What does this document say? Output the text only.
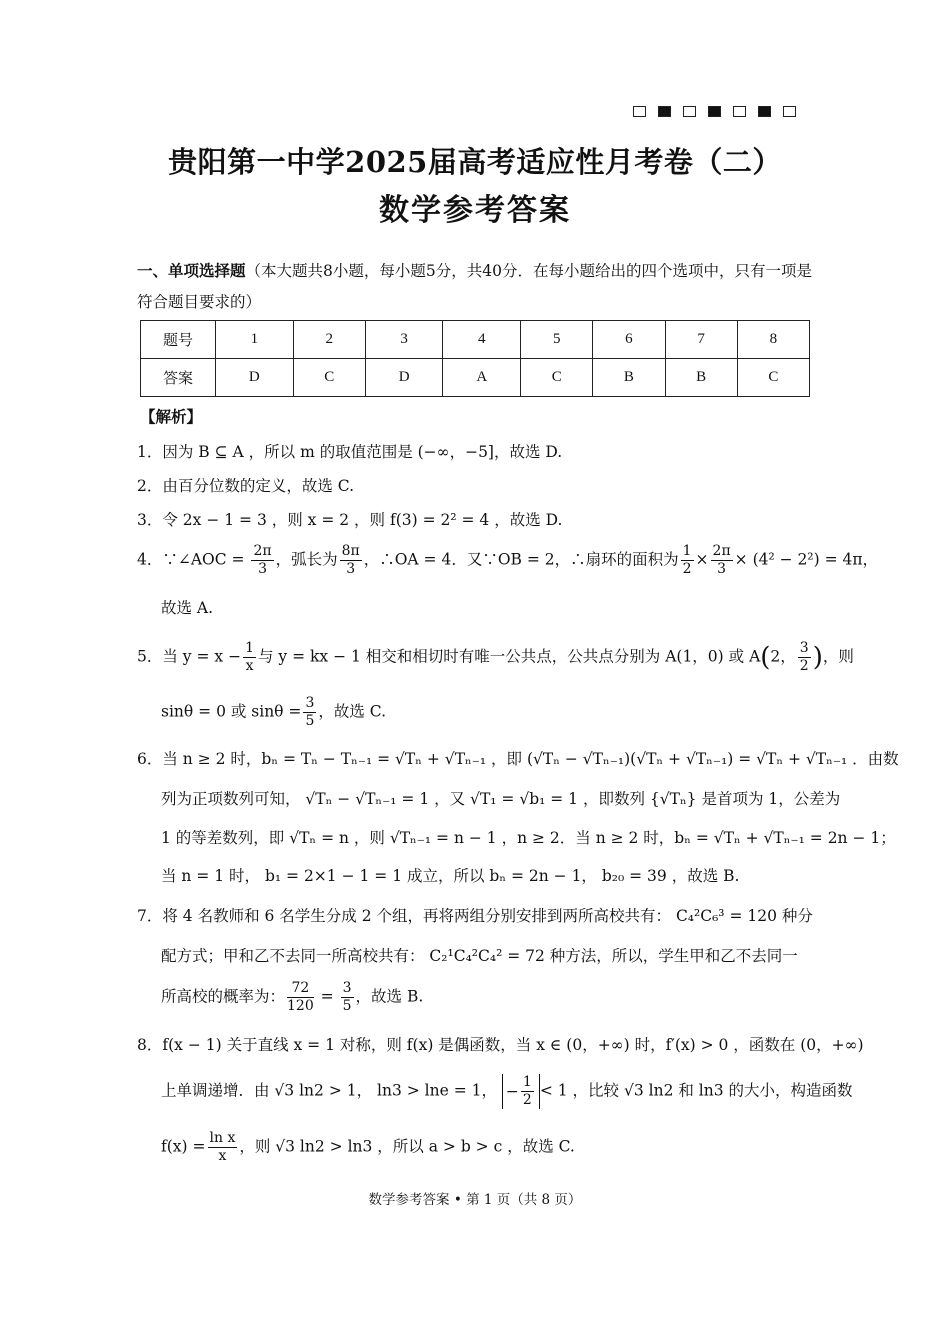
贵阳第一中学2025届高考适应性月考卷（二）
数学参考答案
一、单项选择题（本大题共8小题，每小题5分，共40分．在每小题给出的四个选项中，只有一项是符合题目要求的）
题号	1	2	3	4	5	6	7	8
答案	D	C	D	A	C	B	B	C
【解析】
1．因为 B ⊆ A ，所以 m 的取值范围是 (−∞，−5]，故选 D.
2．由百分位数的定义，故选 C.
3．令 2x − 1 = 3 ，则 x = 2 ，则 f(3) = 2² = 4 ，故选 D.
4．∵∠AOC = $\frac{2\pi}{3}$ ，弧长为 $\frac{8\pi}{3}$ ，∴OA = 4．又∵OB = 2，∴扇环的面积为 $\frac{1}{2} \times \frac{2\pi}{3} \times (4^2 - 2^2) = 4\pi$，
故选 A.
5．当 $y = x - \frac{1}{x}$ 与 y = kx − 1 相交和相切时有唯一公共点，公共点分别为 A(1，0) 或 A(2， $\frac{3}{2}$ )，则
sinθ = 0 或 $\sin\theta = \frac{3}{5}$ ，故选 C.
6．当 n ≥ 2 时，bₙ = Tₙ − Tₙ₋₁ = √Tₙ + √Tₙ₋₁ ，即 (√Tₙ − √Tₙ₋₁)(√Tₙ + √Tₙ₋₁) = √Tₙ + √Tₙ₋₁ ．由数
列为正项数列可知， √Tₙ − √Tₙ₋₁ = 1 ，又 √T₁ = √b₁ = 1 ，即数列 {√Tₙ} 是首项为 1，公差为
1 的等差数列，即 √Tₙ = n ，则 √Tₙ₋₁ = n − 1 ，n ≥ 2．当 n ≥ 2 时，bₙ = √Tₙ + √Tₙ₋₁ = 2n − 1；
当 n = 1 时， b₁ = 2×1 − 1 = 1 成立，所以 bₙ = 2n − 1， b₂₀ = 39 ，故选 B.
7．将 4 名教师和 6 名学生分成 2 个组，再将两组分别安排到两所高校共有： C₄²C₆³ = 120 种分
配方式；甲和乙不去同一所高校共有： C₂¹C₄²C₄² = 72 种方法，所以，学生甲和乙不去同一
所高校的概率为： $\frac{72}{120} = \frac{3}{5}$ ，故选 B.
8．f(x − 1) 关于直线 x = 1 对称，则 f(x) 是偶函数，当 x ∈ (0，+∞) 时，f′(x) > 0 ，函数在 (0，+∞)
上单调递增．由 √3 ln2 > 1， ln3 > lne = 1， − $\frac{1}{2} < 1$ ，比较 √3 ln2 和 ln3 的大小，构造函数
$f(x) = \frac{\text{ln x}}{x}$ ，则 √3 ln2 > ln3 ，所以 a > b > c ，故选 C.
数学参考答案 • 第 1 页（共 8 页）
